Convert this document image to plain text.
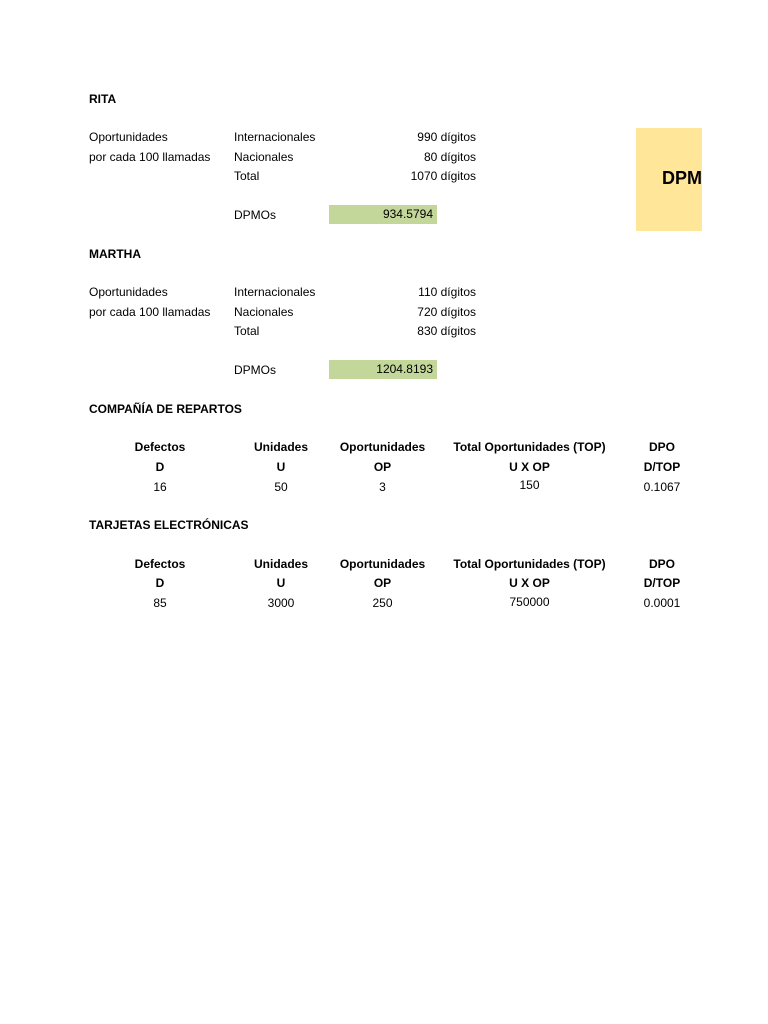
RITA
Oportunidades
por cada 100 llamadas
Internacionales	990 dígitos
Nacionales	80 dígitos
Total	1070 dígitos
DPMOs	934.5794
DPM
MARTHA
Oportunidades
por cada 100 llamadas
Internacionales	110 dígitos
Nacionales	720 dígitos
Total	830 dígitos
DPMOs	1204.8193
COMPAÑÍA DE REPARTOS
Defectos	Unidades	Oportunidades	Total Oportunidades (TOP)	DPO
D	U	OP	U X OP	D/TOP
16	50	3	150	0.1067
TARJETAS ELECTRÓNICAS
Defectos	Unidades	Oportunidades	Total Oportunidades (TOP)	DPO
D	U	OP	U X OP	D/TOP
85	3000	250	750000	0.0001
